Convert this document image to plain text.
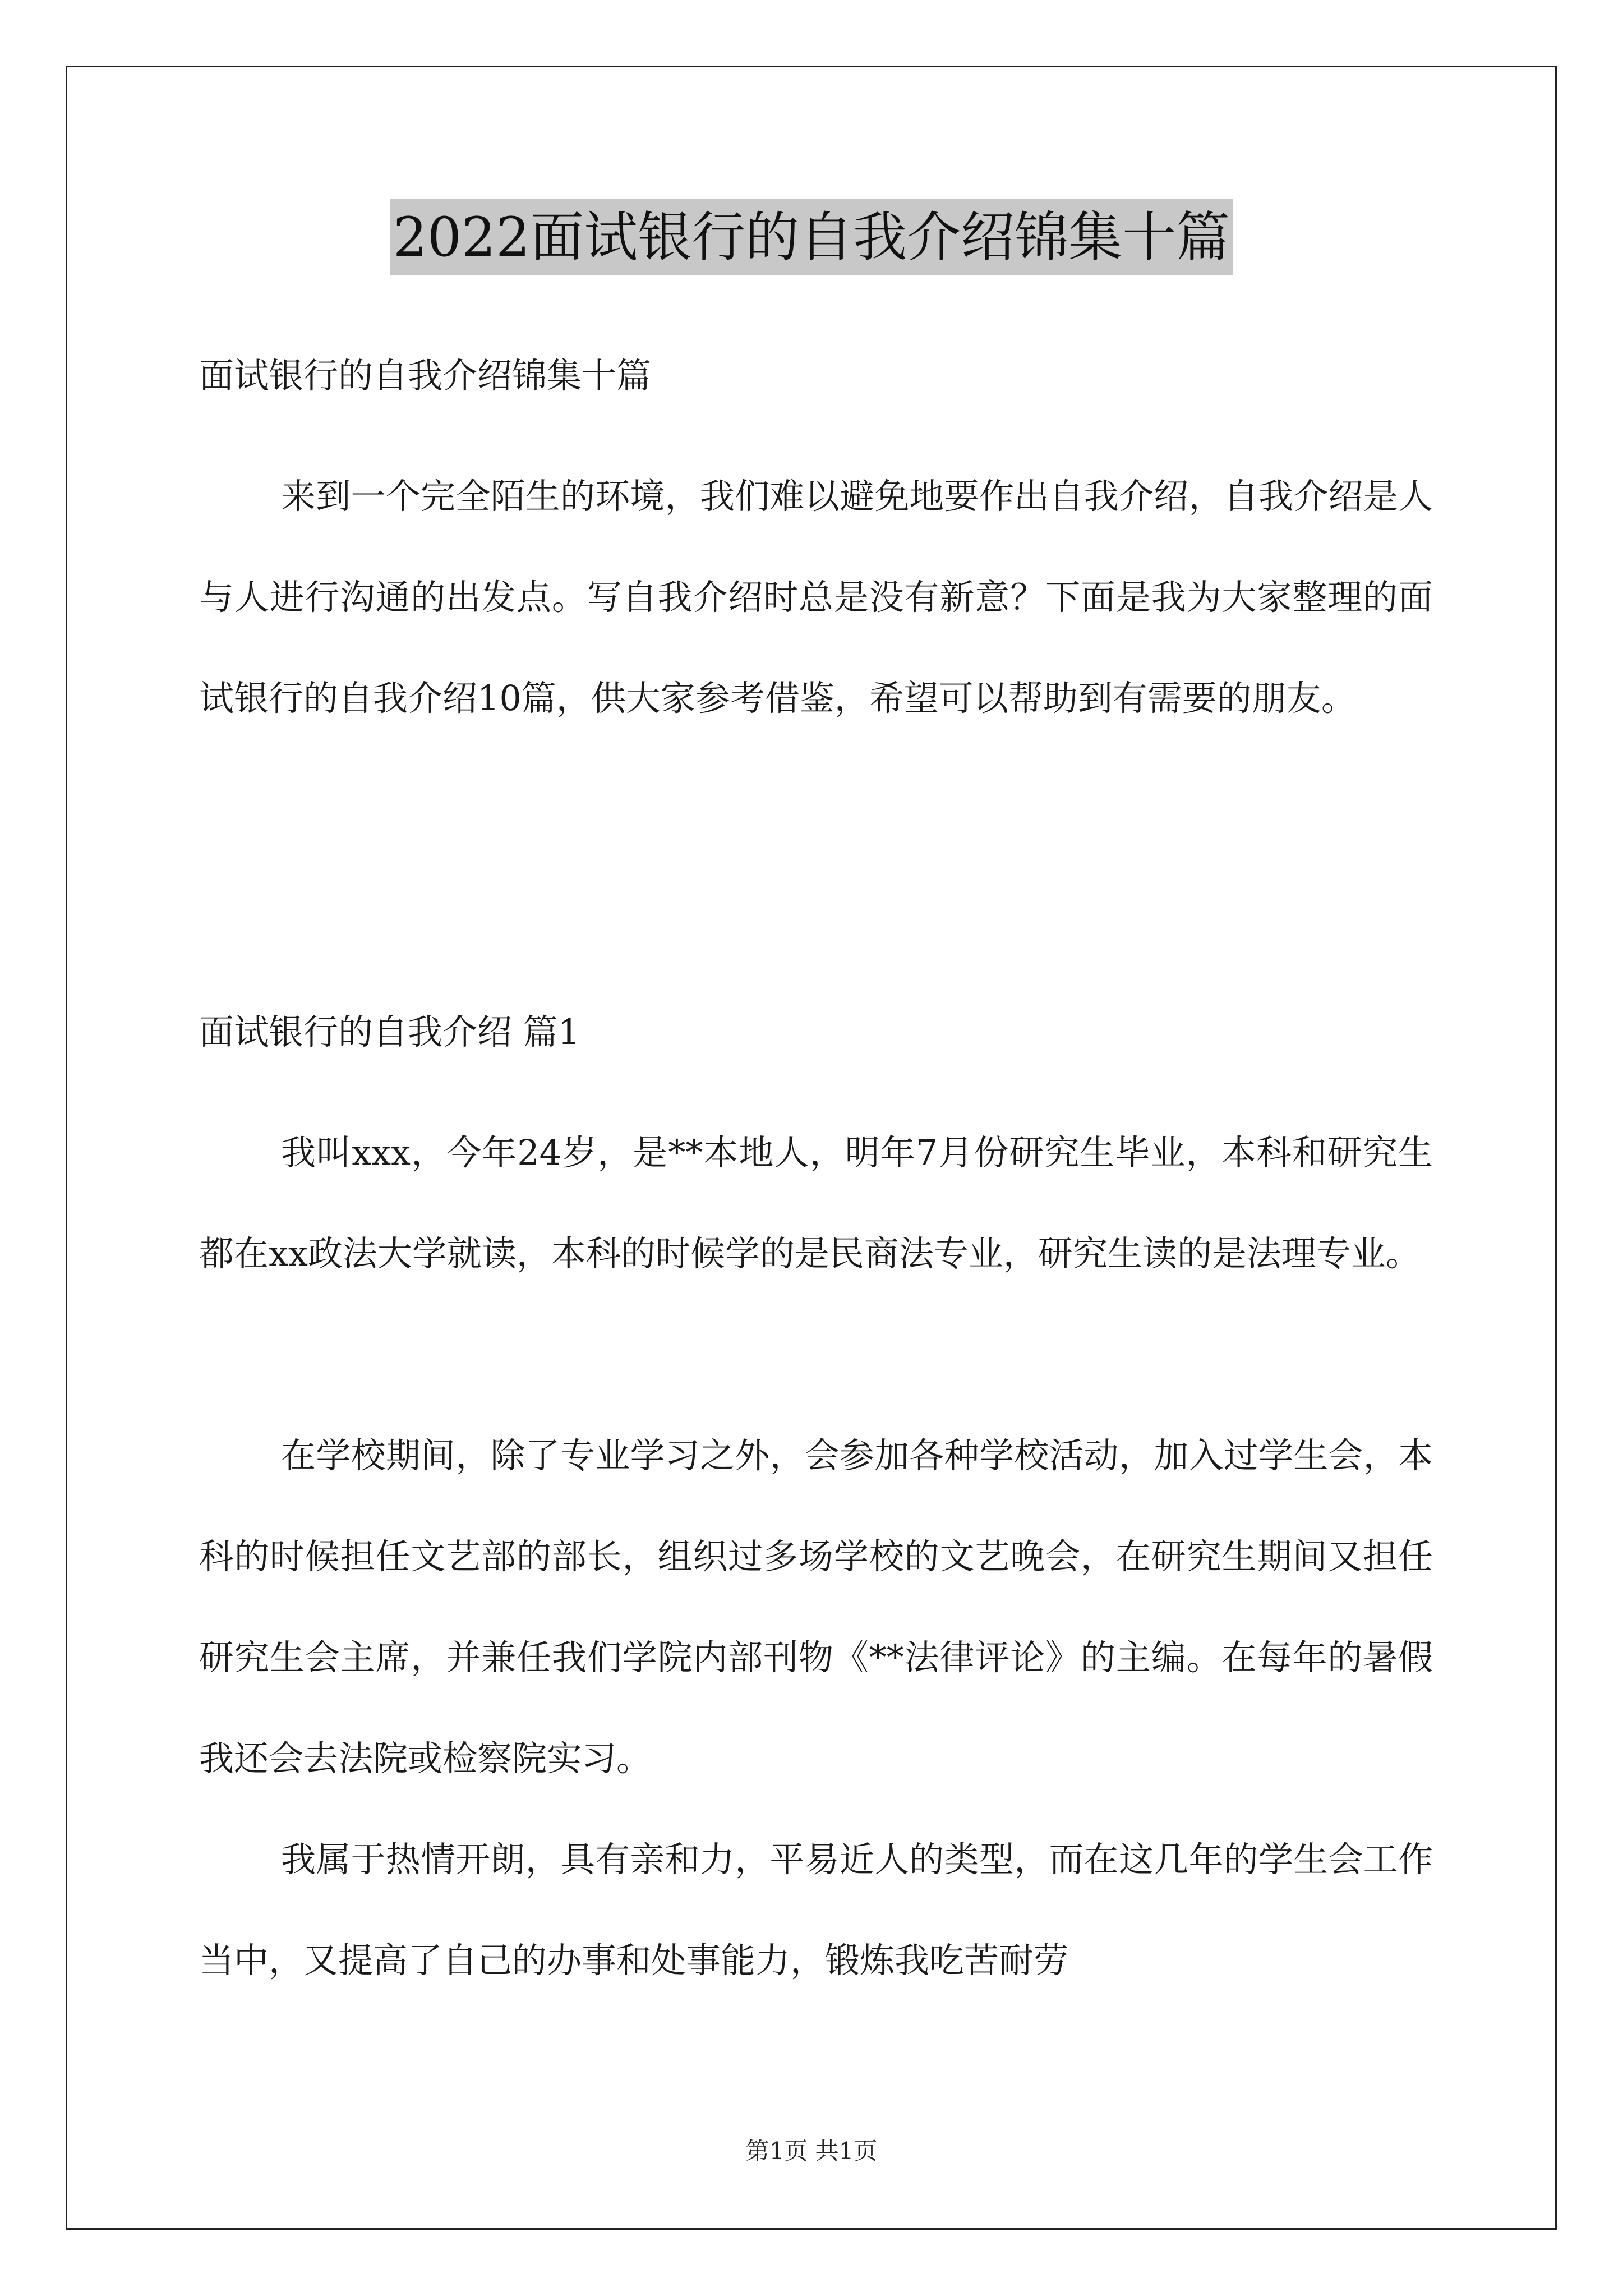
2022面试银行的自我介绍锦集十篇
面试银行的自我介绍锦集十篇
来到一个完全陌生的环境，我们难以避免地要作出自我介绍，自我介绍是人与人进行沟通的出发点。写自我介绍时总是没有新意？下面是我为大家整理的面试银行的自我介绍10篇，供大家参考借鉴，希望可以帮助到有需要的朋友。
面试银行的自我介绍 篇1
我叫xxx，今年24岁，是**本地人，明年7月份研究生毕业，本科和研究生都在xx政法大学就读，本科的时候学的是民商法专业，研究生读的是法理专业。
在学校期间，除了专业学习之外，会参加各种学校活动，加入过学生会，本科的时候担任文艺部的部长，组织过多场学校的文艺晚会，在研究生期间又担任研究生会主席，并兼任我们学院内部刊物《**法律评论》的主编。在每年的暑假我还会去法院或检察院实习。
我属于热情开朗，具有亲和力，平易近人的类型，而在这几年的学生会工作当中，又提高了自己的办事和处事能力，锻炼我吃苦耐劳
第1页 共1页
